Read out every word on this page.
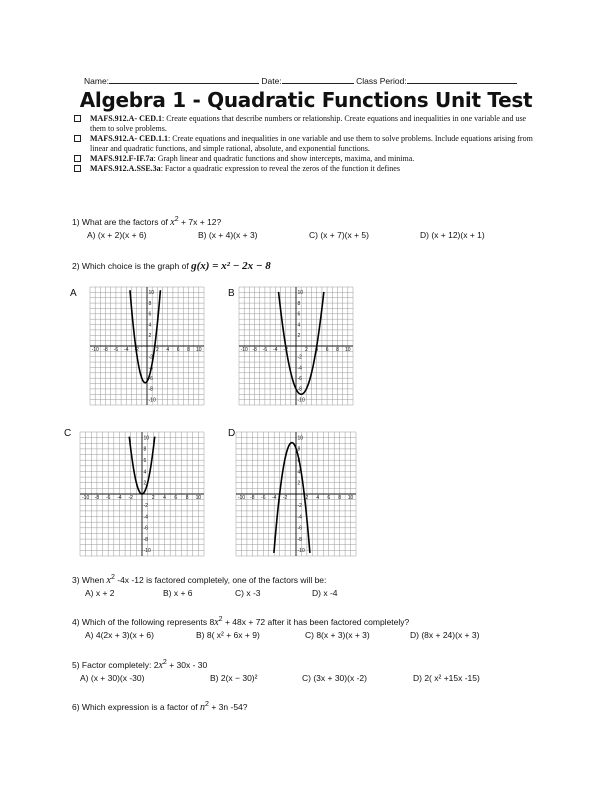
Name:	Date:	Class Period:
Algebra 1 - Quadratic Functions Unit Test
MAFS.912.A- CED.1: Create equations that describe numbers or relationship. Create equations and inequalities in one variable and use them to solve problems.
MAFS.912.A- CED.1.1: Create equations and inequalities in one variable and use them to solve problems. Include equations arising from linear and quadratic functions, and simple rational, absolute, and exponential functions.
MAFS.912.F-IF.7a: Graph linear and quadratic functions and show intercepts, maxima, and minima.
MAFS.912.A.SSE.3a: Factor a quadratic expression to reveal the zeros of the function it defines
1) What are the factors of $x^2 + 7x + 12$?
A) (x + 2)(x + 6)	B) (x + 4)(x + 3)	C) (x + 7)(x + 5)	D) (x + 12)(x + 1)
2) Which choice is the graph of g(x) = x² − 2x − 8
A	B
C	D
-10
-10
-8
-8
-6
-6
-4
-4
-2
-2
2
2
4
4
6
6
8
8
10
10
-10
-10
-8
-8
-6
-6
-4
-4
-2
-2
2
2
4
4
6
6
8
8
10
10
-10
-10
-8
-8
-6
-6
-4
-4
-2
-2
2
2
4
4
6
6
8
8
10
10
-10
-10
-8
-8
-6
-6
-4
-4
-2
-2
2
2
4
4
6
6
8
8
10
10
3) When $x^2$ -4x -12 is factored completely, one of the factors will be:
A) x + 2	B) x + 6	C) x -3	D) x -4
4) Which of the following represents $8x^2 + 48x + 72$ after it has been factored completely?
A) 4(2x + 3)(x + 6)	B) 8( x² + 6x + 9)	C) 8(x + 3)(x + 3)	D) (8x + 24)(x + 3)
5) Factor completely: $2x^2 + 30x - 30$
A) (x + 30)(x -30)	B) 2(x − 30)²	C) (3x + 30)(x -2)	D) 2( x² +15x -15)
6) Which expression is a factor of $n^2 + 3n$ -54?
